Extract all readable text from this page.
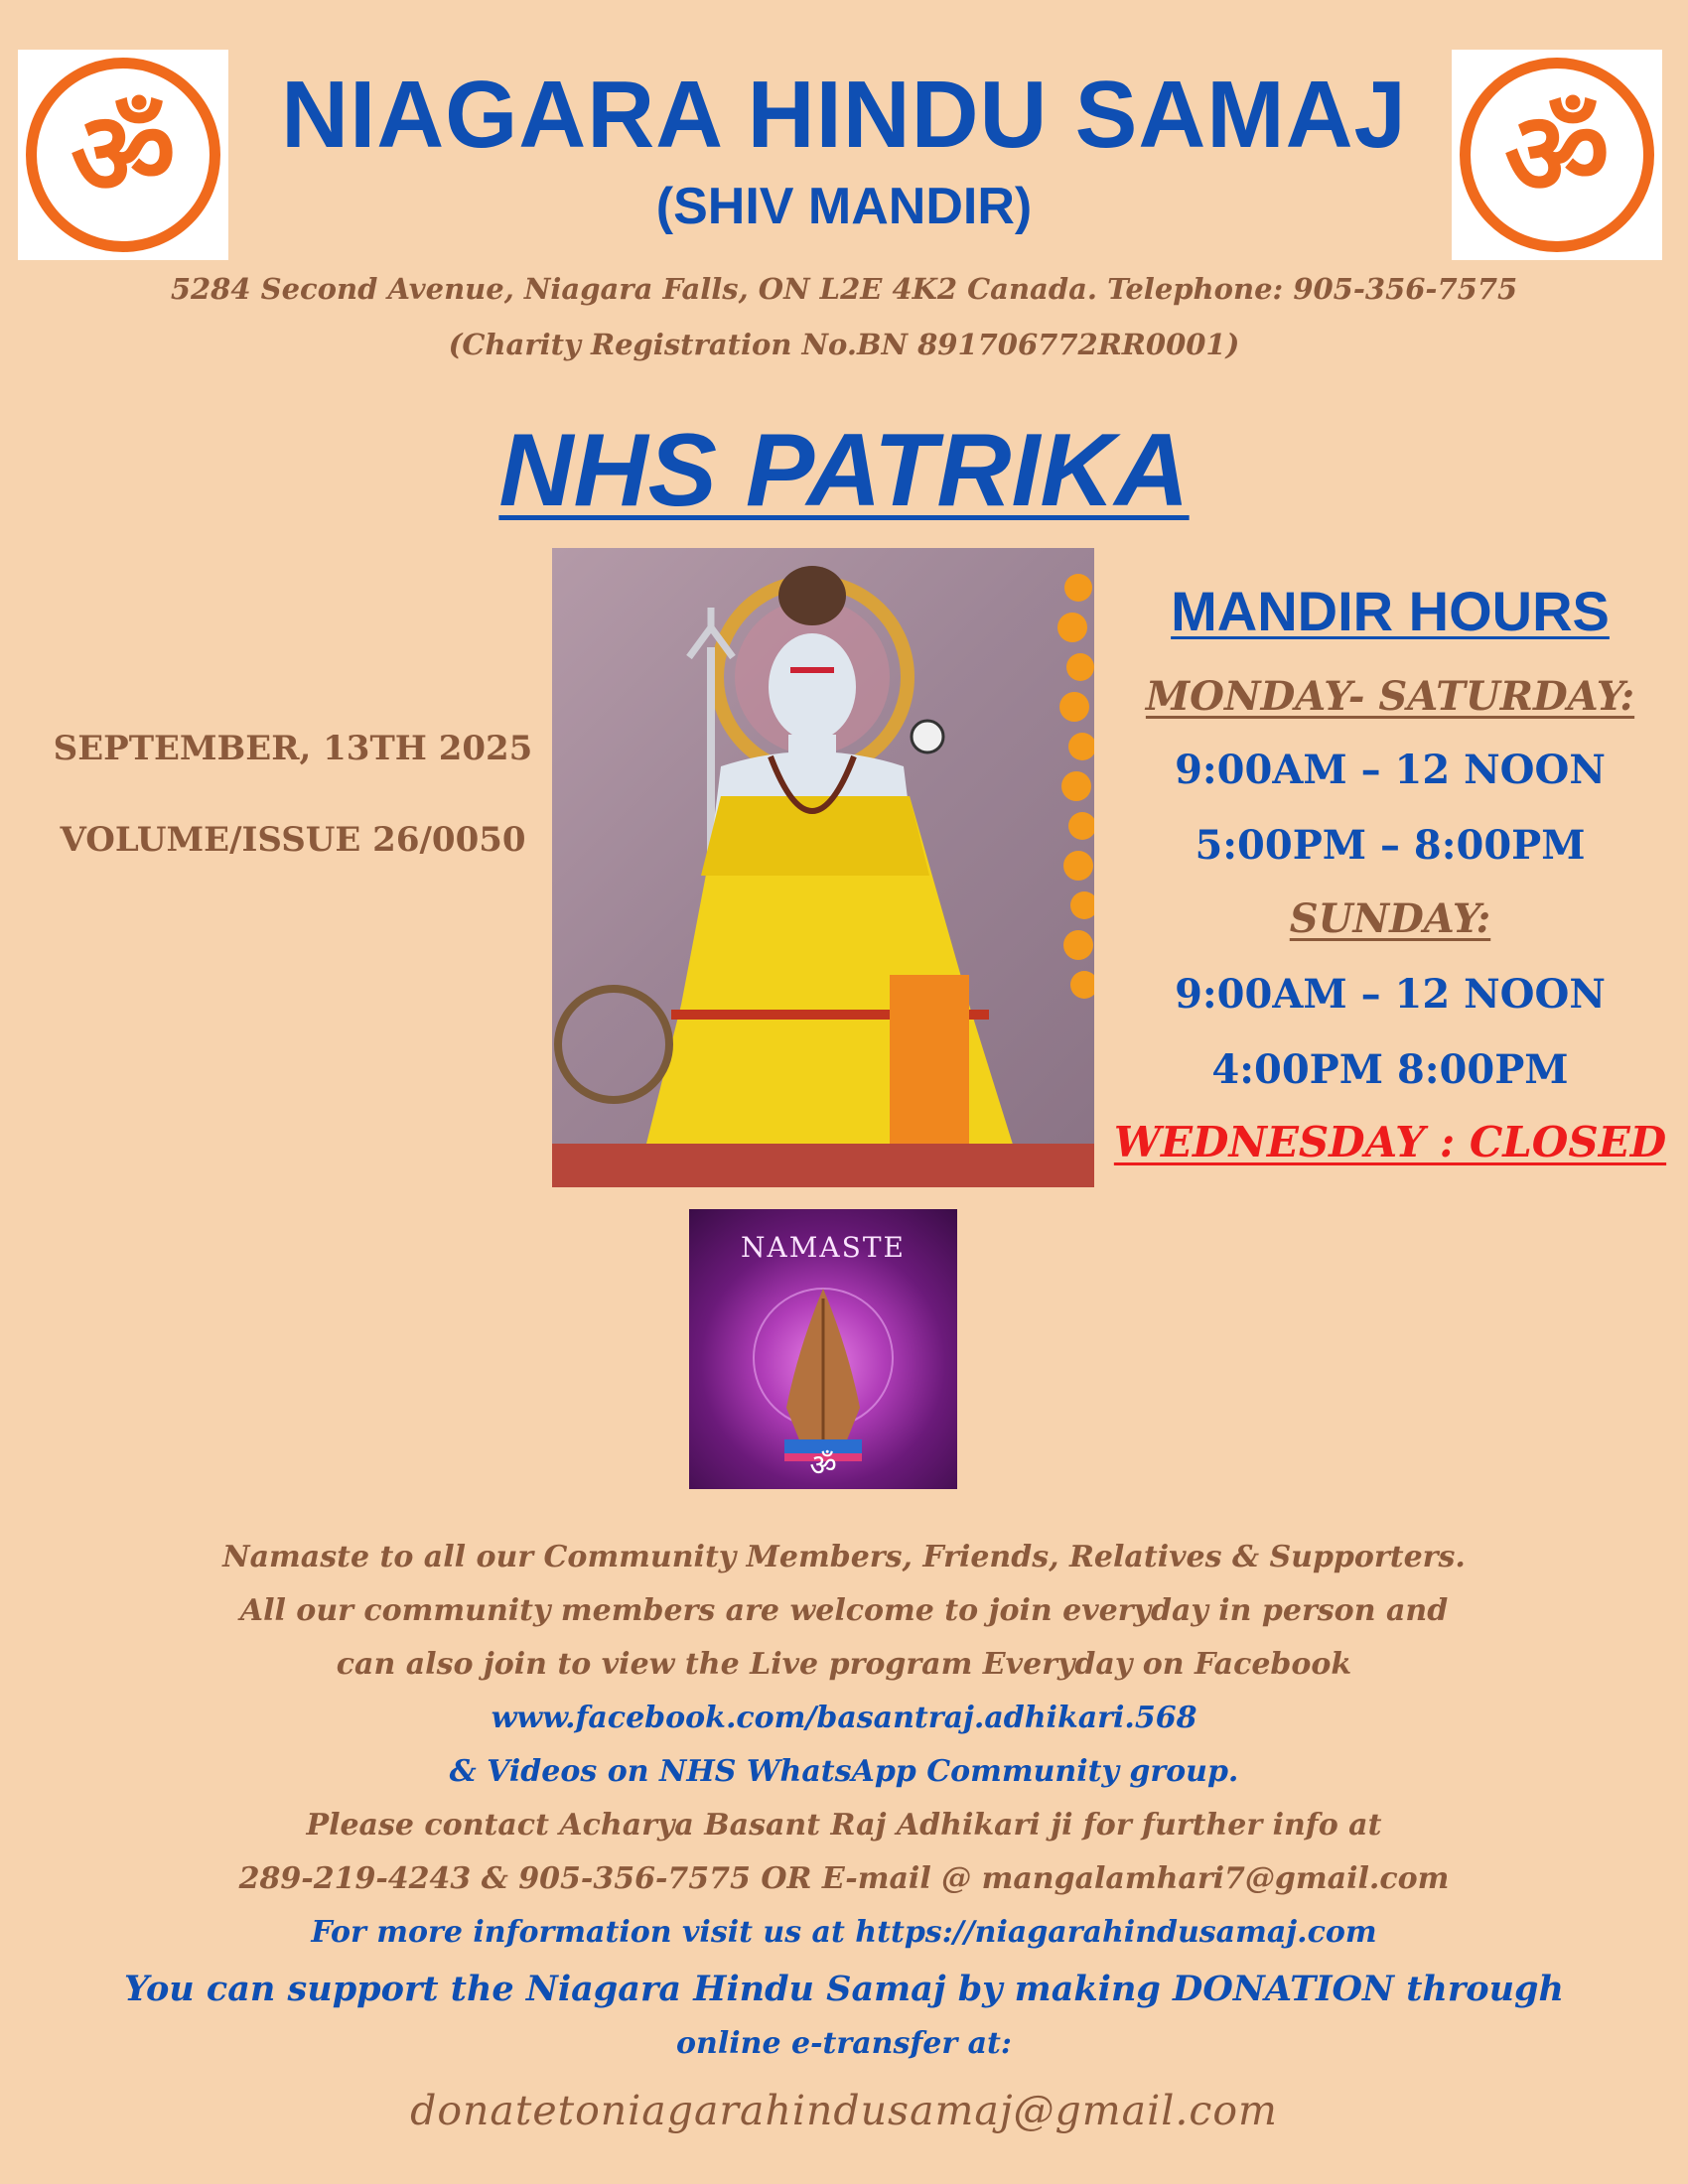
ॐ	ॐ
NIAGARA HINDU SAMAJ
(SHIV MANDIR)
5284 Second Avenue, Niagara Falls, ON L2E 4K2 Canada. Telephone: 905-356-7575
(Charity Registration No.BN 891706772RR0001)
NHS PATRIKA
SEPTEMBER, 13TH 2025
VOLUME/ISSUE 26/0050
MANDIR HOURS
MONDAY- SATURDAY:
9:00AM – 12 NOON
5:00PM – 8:00PM
SUNDAY:
9:00AM – 12 NOON
4:00PM 8:00PM
WEDNESDAY : CLOSED
NAMASTE
ॐ
Namaste to all our Community Members, Friends, Relatives & Supporters.
All our community members are welcome to join everyday in person and
can also join to view the Live program Everyday on Facebook
www.facebook.com/basantraj.adhikari.568
& Videos on NHS WhatsApp Community group.
Please contact Acharya Basant Raj Adhikari ji for further info at
289-219-4243 & 905-356-7575 OR E-mail @ mangalamhari7@gmail.com
For more information visit us at https://niagarahindusamaj.com
You can support the Niagara Hindu Samaj by making DONATION through
online e-transfer at:
donatetoniagarahindusamaj@gmail.com
